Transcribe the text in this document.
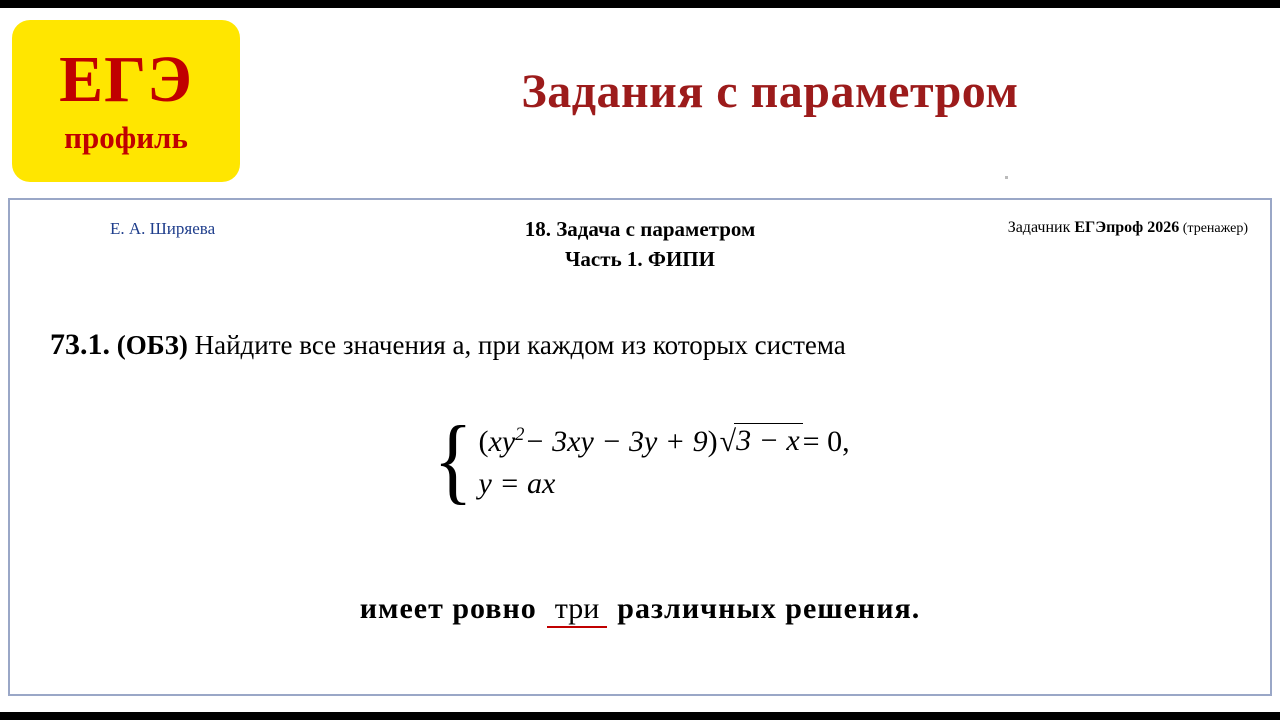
ЕГЭ
профиль
Задания с параметром
Е. А. Ширяева	Задачник ЕГЭпроф 2026 (тренажер)
18. Задача с параметром
Часть 1. ФИПИ
73.1. (ОБЗ) Найдите все значения a, при каждом из которых система
{ $(xy^2- 3xy - 3y + 9)√3 - x = 0$,
y = ax
имеет ровно три различных решения.
